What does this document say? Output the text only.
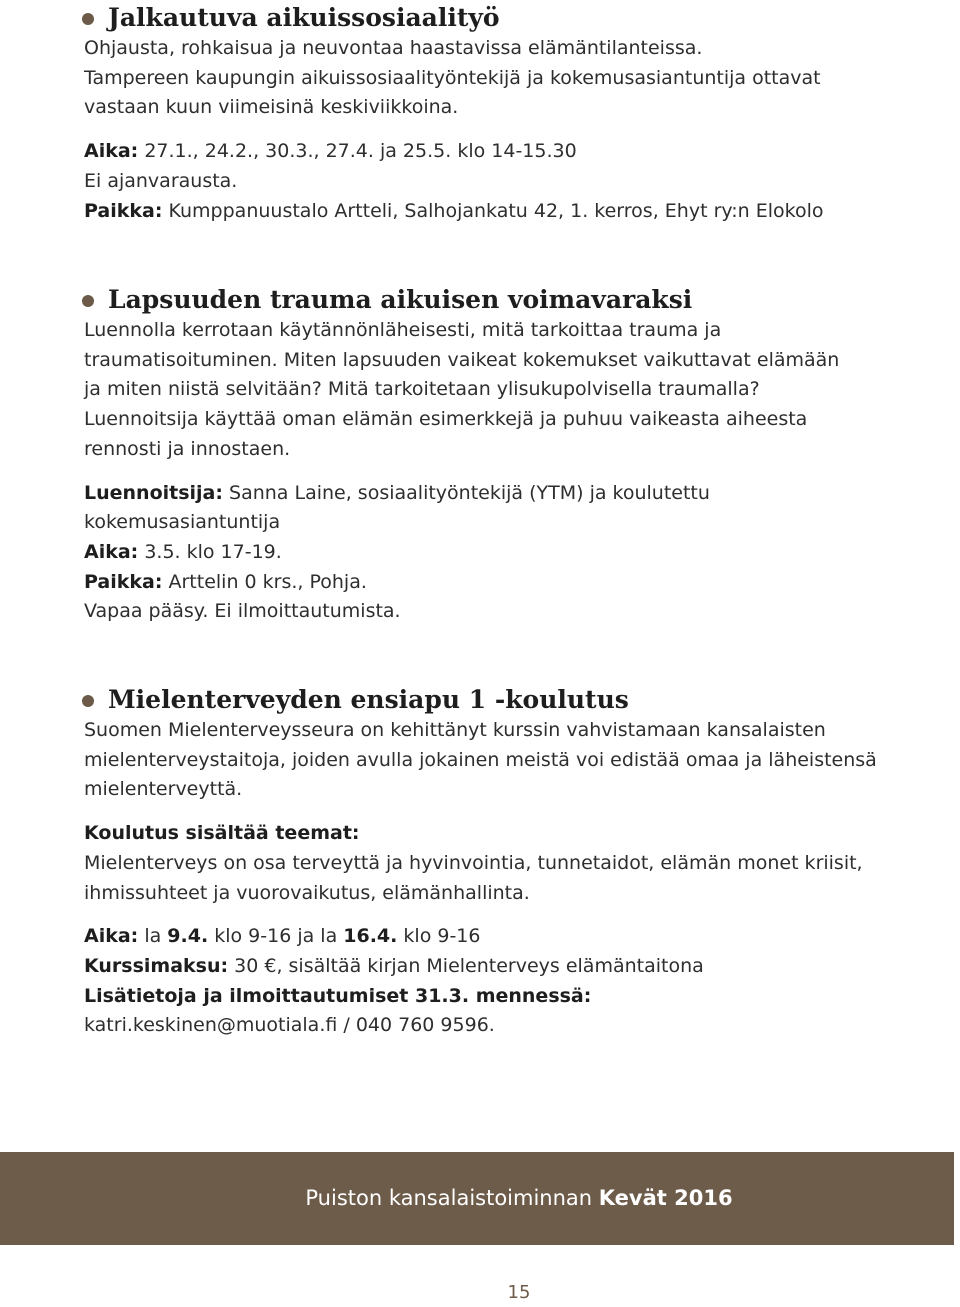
Jalkautuva aikuissosiaalityö

Ohjausta, rohkaisua ja neuvontaa haastavissa elämäntilanteissa.

Tampereen kaupungin aikuissosiaalityöntekijä ja kokemusasiantuntija ottavat

vastaan kuun viimeisinä keskiviikkoina.

Aika: 27.1., 24.2., 30.3., 27.4. ja 25.5. klo 14-15.30

Ei ajanvarausta.

Paikka: Kumppanuustalo Artteli, Salhojankatu 42, 1. kerros, Ehyt ry:n Elokolo

Lapsuuden trauma aikuisen voimavaraksi

Luennolla kerrotaan käytännönläheisesti, mitä tarkoittaa trauma ja

traumatisoituminen. Miten lapsuuden vaikeat kokemukset vaikuttavat elämään

ja miten niistä selvitään? Mitä tarkoitetaan ylisukupolvisella traumalla?

Luennoitsija käyttää oman elämän esimerkkejä ja puhuu vaikeasta aiheesta

rennosti ja innostaen.

Luennoitsija: Sanna Laine, sosiaalityöntekijä (YTM) ja koulutettu

kokemusasiantuntija

Aika: 3.5. klo 17-19.

Paikka: Arttelin 0 krs., Pohja.

Vapaa pääsy. Ei ilmoittautumista.

Mielenterveyden ensiapu 1 -koulutus

Suomen Mielenterveysseura on kehittänyt kurssin vahvistamaan kansalaisten

mielenterveystaitoja, joiden avulla jokainen meistä voi edistää omaa ja läheistensä

mielenterveyttä.

Koulutus sisältää teemat:

Mielenterveys on osa terveyttä ja hyvinvointia, tunnetaidot, elämän monet kriisit,

ihmissuhteet ja vuorovaikutus, elämänhallinta.

Aika: la 9.4. klo 9-16 ja la 16.4. klo 9-16

Kurssimaksu: 30 €, sisältää kirjan Mielenterveys elämäntaitona

Lisätietoja ja ilmoittautumiset 31.3. mennessä:

katri.keskinen@muotiala.fi / 040 760 9596.

Puiston kansalaistoiminnan Kevät 2016
15
